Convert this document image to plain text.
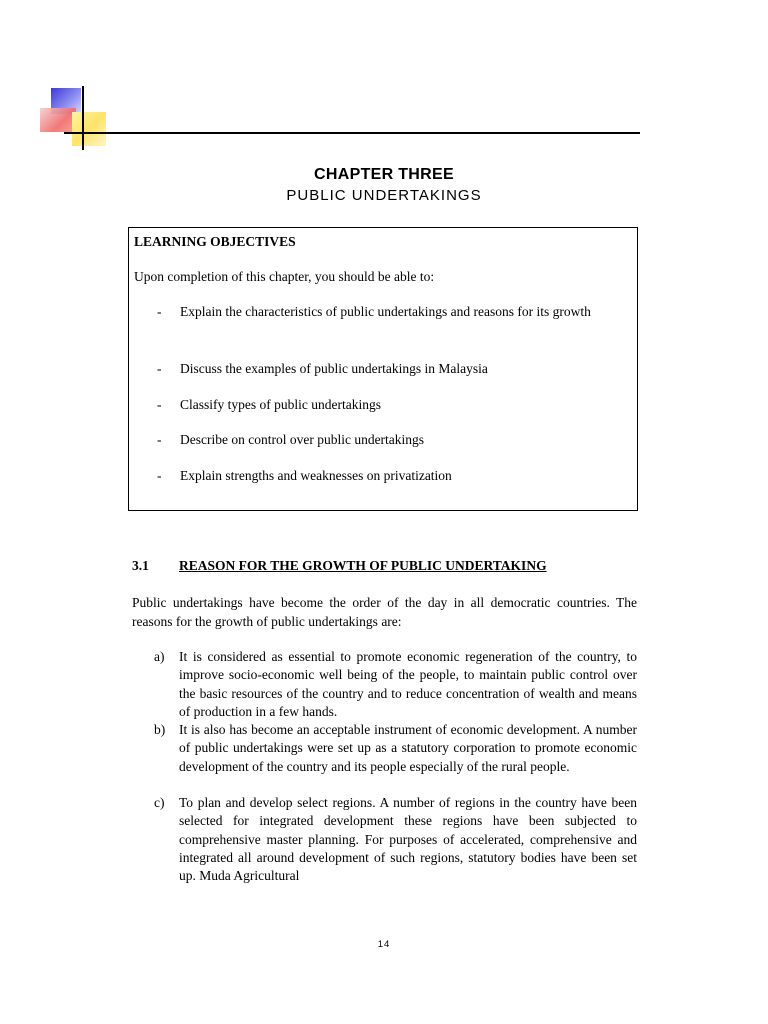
CHAPTER THREE
PUBLIC UNDERTAKINGS
LEARNING OBJECTIVES
Upon completion of this chapter, you should be able to:
- Explain the characteristics of public undertakings and reasons for its growth
- Discuss the examples of public undertakings in Malaysia
- Classify types of public undertakings
- Describe on control over public undertakings
- Explain strengths and weaknesses on privatization
3.1 REASON FOR THE GROWTH OF PUBLIC UNDERTAKING
Public undertakings have become the order of the day in all democratic countries. The reasons for the growth of public undertakings are:
a) It is considered as essential to promote economic regeneration of the country, to improve socio-economic well being of the people, to maintain public control over the basic resources of the country and to reduce concentration of wealth and means of production in a few hands.
b) It is also has become an acceptable instrument of economic development. A number of public undertakings were set up as a statutory corporation to promote economic development of the country and its people especially of the rural people.
c) To plan and develop select regions. A number of regions in the country have been selected for integrated development these regions have been subjected to comprehensive master planning. For purposes of accelerated, comprehensive and integrated all around development of such regions, statutory bodies have been set up. Muda Agricultural
14
